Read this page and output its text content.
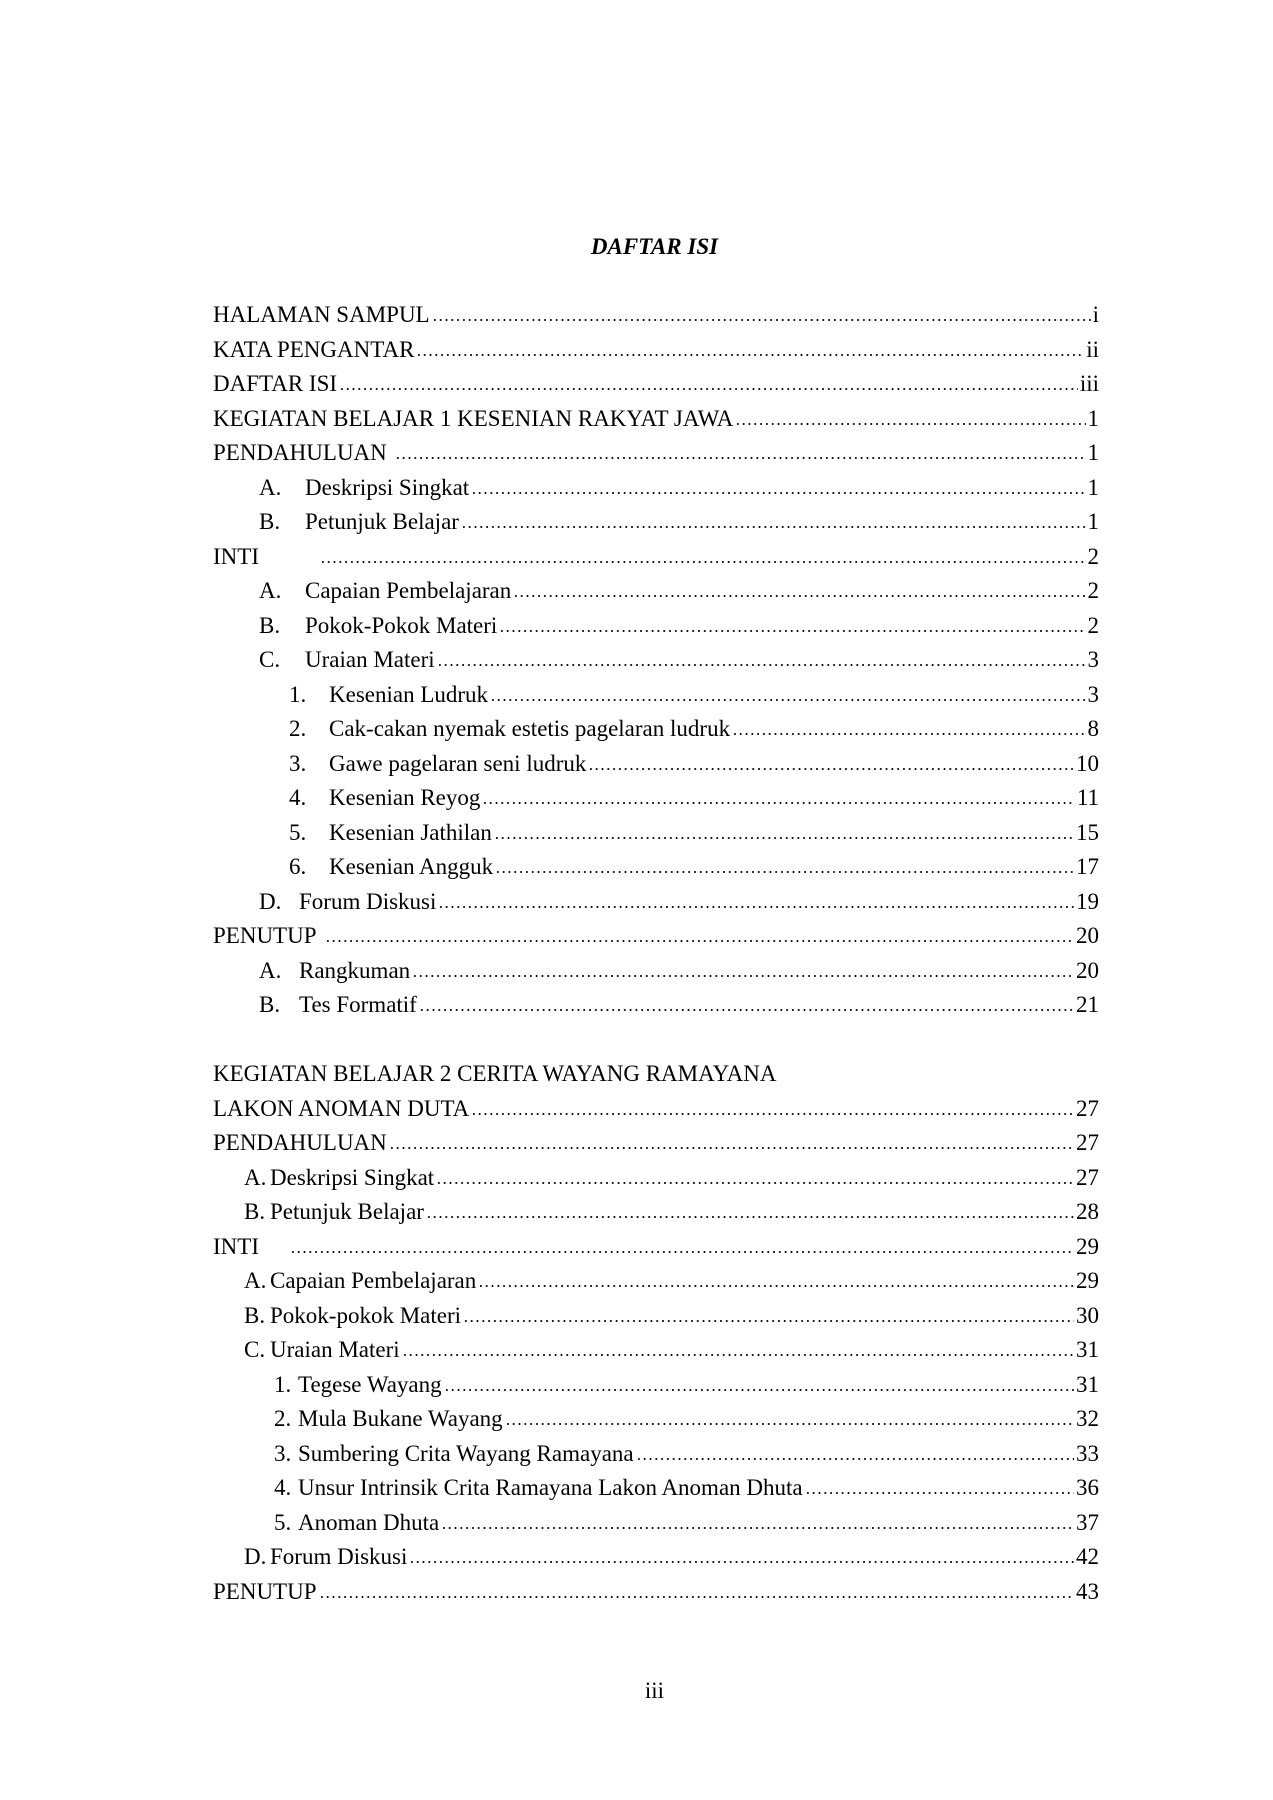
DAFTAR ISI
HALAMAN SAMPUL	i
KATA PENGANTAR	ii
DAFTAR ISI	iii
KEGIATAN BELAJAR 1 KESENIAN RAKYAT JAWA	1
PENDAHULUAN	1
A.	Deskripsi Singkat	1
B.	Petunjuk Belajar	1
INTI	2
A.	Capaian Pembelajaran	2
B.	Pokok-Pokok Materi	2
C.	Uraian Materi	3
1. Kesenian Ludruk	3
2. Cak-cakan nyemak estetis pagelaran ludruk	8
3. Gawe pagelaran seni ludruk	10
4. Kesenian Reyog	11
5. Kesenian Jathilan	15
6. Kesenian Angguk	17
D. Forum Diskusi	19
PENUTUP	20
A. Rangkuman	20
B. Tes Formatif	21
KEGIATAN BELAJAR 2 CERITA WAYANG RAMAYANA
LAKON ANOMAN DUTA	27
PENDAHULUAN	27
A. Deskripsi Singkat	27
B. Petunjuk Belajar	28
INTI	29
A. Capaian Pembelajaran	29
B. Pokok-pokok Materi	30
C. Uraian Materi	31
1. Tegese Wayang	31
2. Mula Bukane Wayang	32
3. Sumbering Crita Wayang Ramayana	33
4. Unsur Intrinsik Crita Ramayana Lakon Anoman Dhuta	36
5. Anoman Dhuta	37
D. Forum Diskusi	42
PENUTUP	43
iii
